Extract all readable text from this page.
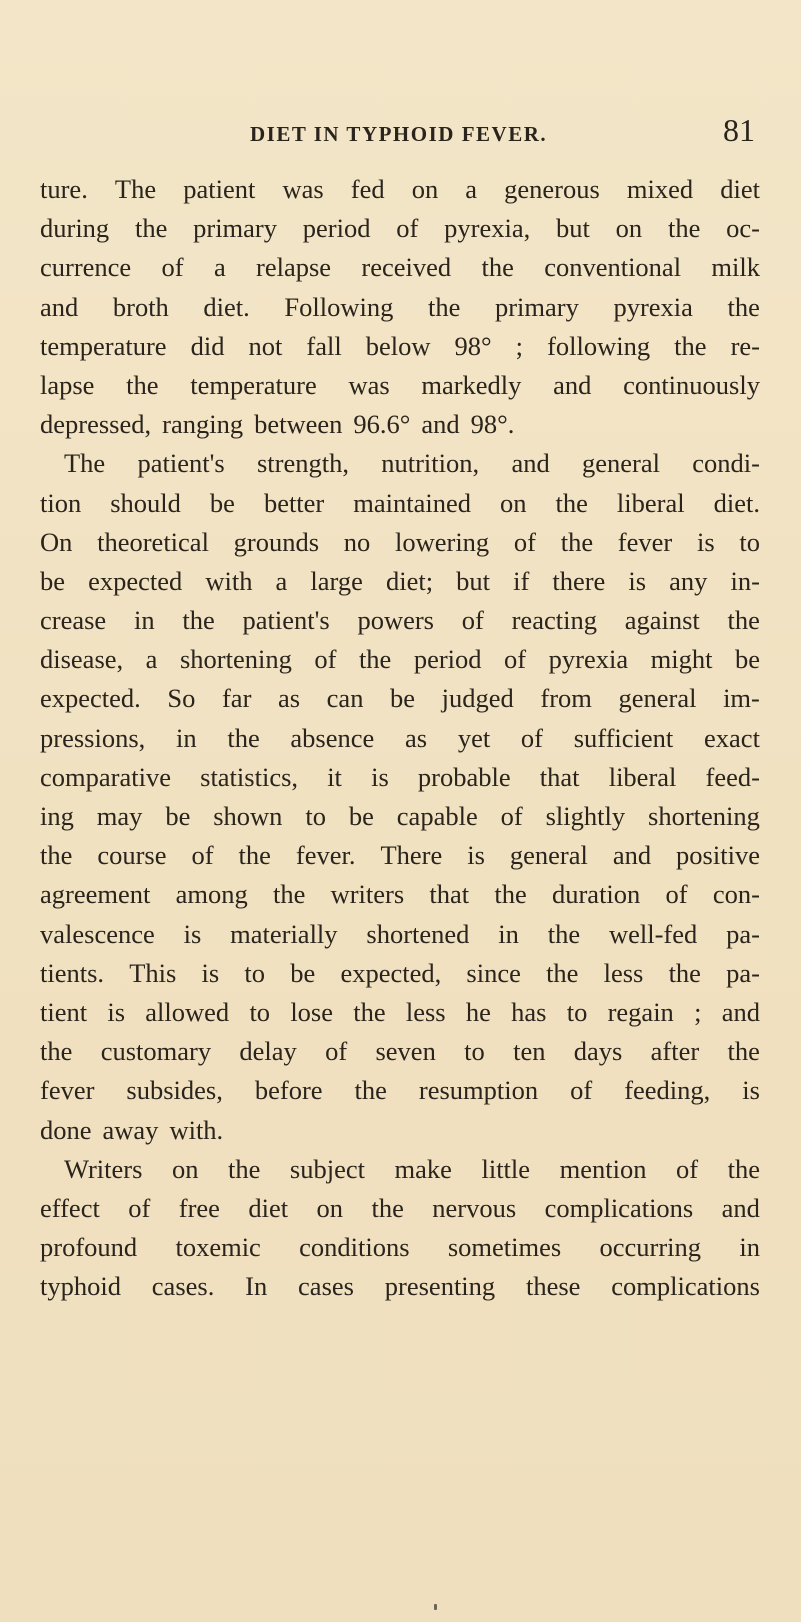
DIET IN TYPHOID FEVER.	81
ture. The patient was fed on a generous mixed diet
during the primary period of pyrexia, but on the oc-
currence of a relapse received the conventional milk
and broth diet. Following the primary pyrexia the
temperature did not fall below 98° ; following the re-
lapse the temperature was markedly and continuously
depressed, ranging between 96.6° and 98°.
The patient's strength, nutrition, and general condi-
tion should be better maintained on the liberal diet.
On theoretical grounds no lowering of the fever is to
be expected with a large diet; but if there is any in-
crease in the patient's powers of reacting against the
disease, a shortening of the period of pyrexia might be
expected. So far as can be judged from general im-
pressions, in the absence as yet of sufficient exact
comparative statistics, it is probable that liberal feed-
ing may be shown to be capable of slightly shortening
the course of the fever. There is general and positive
agreement among the writers that the duration of con-
valescence is materially shortened in the well-fed pa-
tients. This is to be expected, since the less the pa-
tient is allowed to lose the less he has to regain ; and
the customary delay of seven to ten days after the
fever subsides, before the resumption of feeding, is
done away with.
Writers on the subject make little mention of the
effect of free diet on the nervous complications and
profound toxemic conditions sometimes occurring in
typhoid cases. In cases presenting these complications
